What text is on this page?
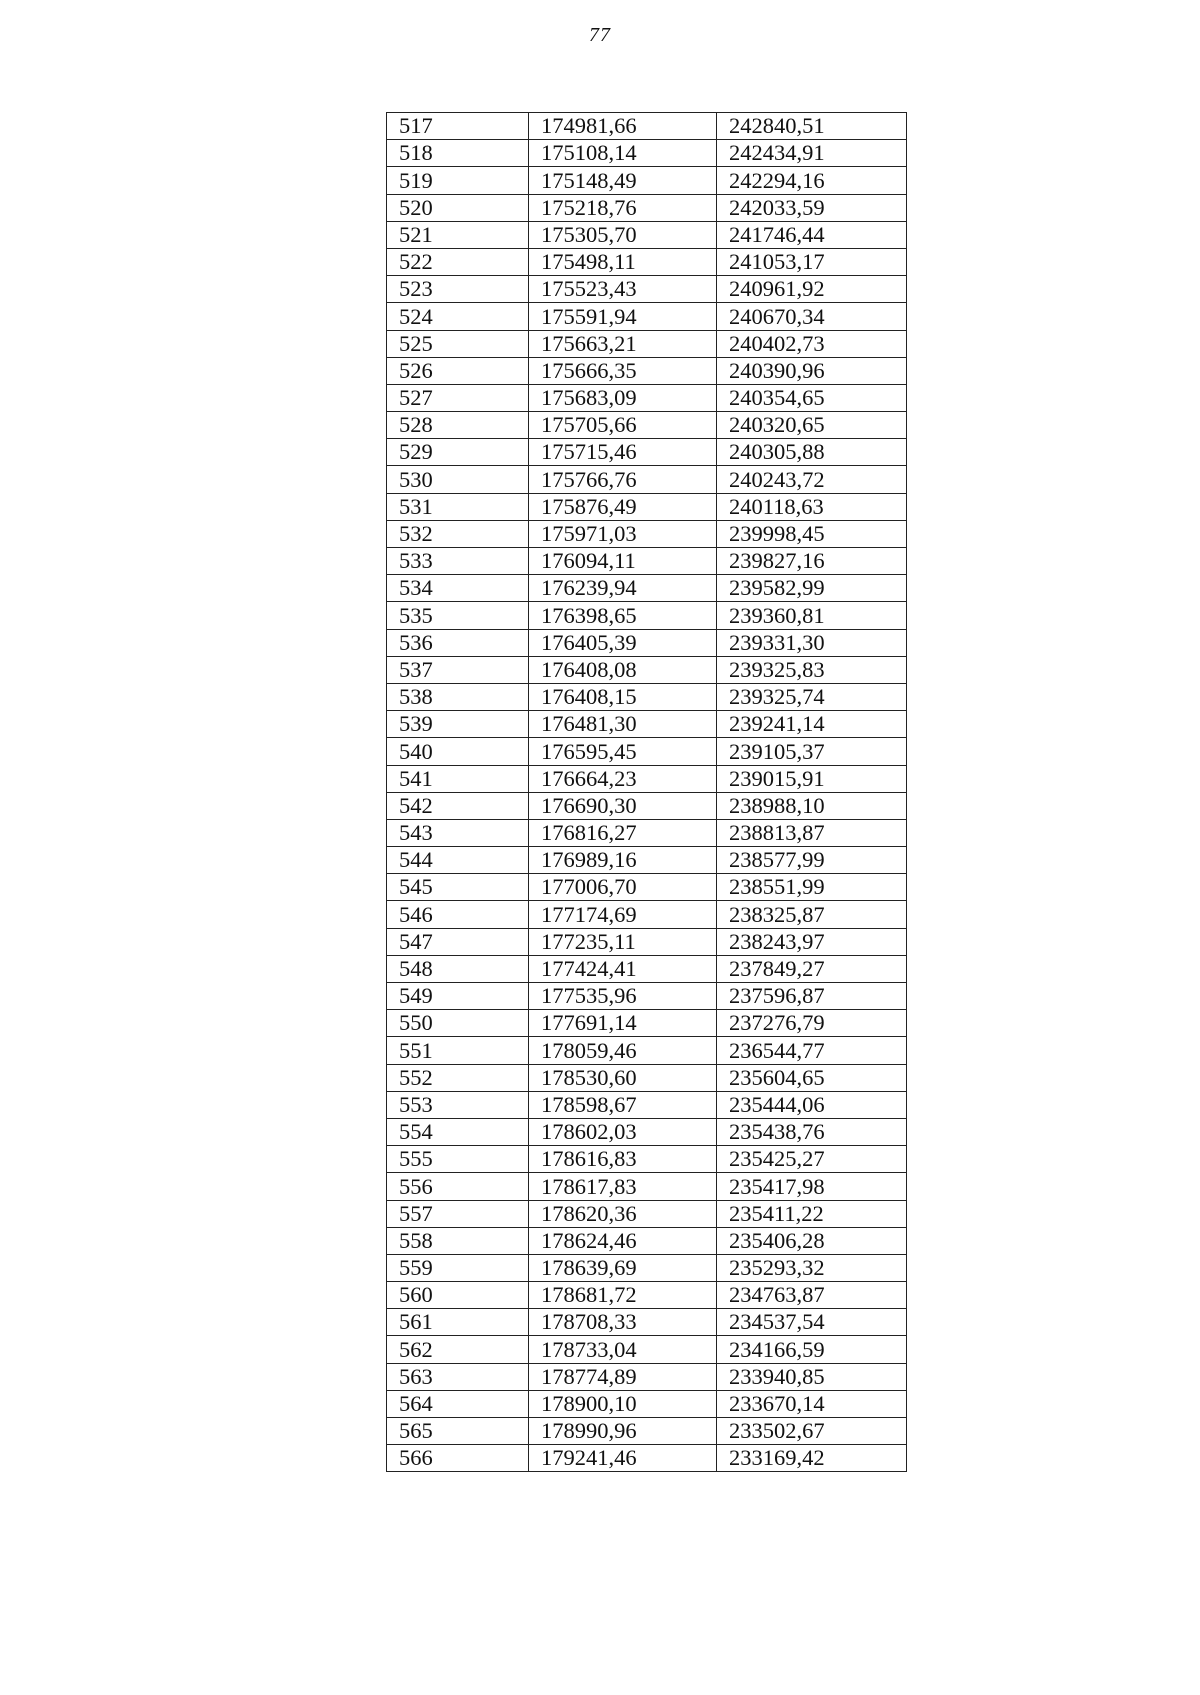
77
517	174981,66	242840,51
518	175108,14	242434,91
519	175148,49	242294,16
520	175218,76	242033,59
521	175305,70	241746,44
522	175498,11	241053,17
523	175523,43	240961,92
524	175591,94	240670,34
525	175663,21	240402,73
526	175666,35	240390,96
527	175683,09	240354,65
528	175705,66	240320,65
529	175715,46	240305,88
530	175766,76	240243,72
531	175876,49	240118,63
532	175971,03	239998,45
533	176094,11	239827,16
534	176239,94	239582,99
535	176398,65	239360,81
536	176405,39	239331,30
537	176408,08	239325,83
538	176408,15	239325,74
539	176481,30	239241,14
540	176595,45	239105,37
541	176664,23	239015,91
542	176690,30	238988,10
543	176816,27	238813,87
544	176989,16	238577,99
545	177006,70	238551,99
546	177174,69	238325,87
547	177235,11	238243,97
548	177424,41	237849,27
549	177535,96	237596,87
550	177691,14	237276,79
551	178059,46	236544,77
552	178530,60	235604,65
553	178598,67	235444,06
554	178602,03	235438,76
555	178616,83	235425,27
556	178617,83	235417,98
557	178620,36	235411,22
558	178624,46	235406,28
559	178639,69	235293,32
560	178681,72	234763,87
561	178708,33	234537,54
562	178733,04	234166,59
563	178774,89	233940,85
564	178900,10	233670,14
565	178990,96	233502,67
566	179241,46	233169,42
